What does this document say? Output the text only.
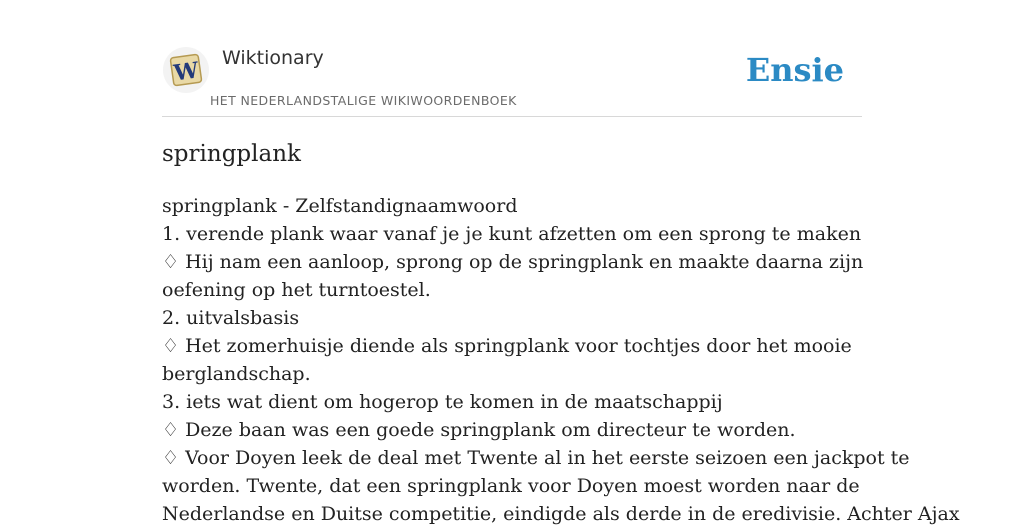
W Wiktionary
HET NEDERLANDSTALIGE WIKIWOORDENBOEK
Ensie
springplank
springplank - Zelfstandignaamwoord
1. verende plank waar vanaf je je kunt afzetten om een sprong te maken
♢ Hij nam een aanloop, sprong op de springplank en maakte daarna zijn
oefening op het turntoestel.
2. uitvalsbasis
♢ Het zomerhuisje diende als springplank voor tochtjes door het mooie
berglandschap.
3. iets wat dient om hogerop te komen in de maatschappij
♢ Deze baan was een goede springplank om directeur te worden.
♢ Voor Doyen leek de deal met Twente al in het eerste seizoen een jackpot te
worden. Twente, dat een springplank voor Doyen moest worden naar de
Nederlandse en Duitse competitie, eindigde als derde in de eredivisie. Achter Ajax
